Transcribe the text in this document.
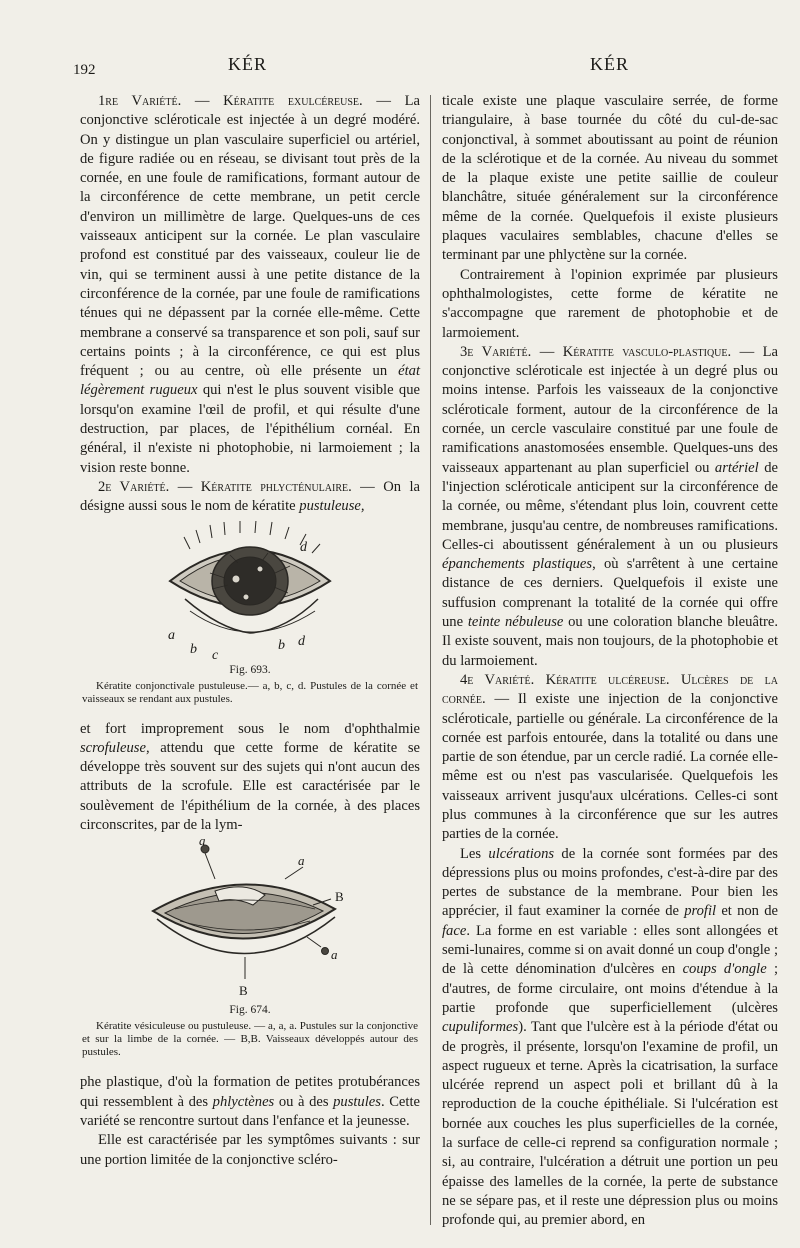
192	KÉR	KÉR

1re Variété. — Kératite exulcéreuse. — La conjonctive scléroticale est injectée à un degré modéré. On y distingue un plan vasculaire superficiel ou artériel, de figure radiée ou en réseau, se divisant tout près de la cornée, en une foule de ramifications, formant autour de la circonférence de cette membrane, un petit cercle d'environ un millimètre de large. Quelques-uns de ces vaisseaux anticipent sur la cornée. Le plan vasculaire profond est constitué par des vaisseaux, couleur lie de vin, qui se terminent aussi à une petite distance de la circonférence de la cornée, par une foule de ramifications ténues qui ne dépassent par la cornée elle-même. Cette membrane a conservé sa transparence et son poli, sauf sur certains points ; à la circonférence, ce qui est plus fréquent ; ou au centre, où elle présente un état légèrement rugueux qui n'est le plus souvent visible que lorsqu'on examine l'œil de profil, et qui résulte d'une destruction, par places, de l'épithélium cornéal. En général, il n'existe ni photophobie, ni larmoiement ; la vision reste bonne.

2e Variété. — Kératite phlycténulaire. — On la désigne aussi sous le nom de kératite pustuleuse,

d
a
b c
b d
Fig. 693.
Kératite conjonctivale pustuleuse.— a, b, c, d. Pustules de la cornée et vaisseaux se rendant aux pustules.

et fort improprement sous le nom d'ophthalmie scrofuleuse, attendu que cette forme de kératite se développe très souvent sur des sujets qui n'ont aucun des attributs de la scrofule. Elle est caractérisée par le soulèvement de l'épithélium de la cornée, à des places circonscrites, par de la lym-

a
a
B
a
B
Fig. 674.
Kératite vésiculeuse ou pustuleuse. — a, a, a. Pustules sur la conjonctive et sur la limbe de la cornée. — B,B. Vaisseaux développés autour des pustules.

phe plastique, d'où la formation de petites protubérances qui ressemblent à des phlyctènes ou à des pustules. Cette variété se rencontre surtout dans l'enfance et la jeunesse.

Elle est caractérisée par les symptômes suivants : sur une portion limitée de la conjonctive scléro-

ticale existe une plaque vasculaire serrée, de forme triangulaire, à base tournée du côté du cul-de-sac conjonctival, à sommet aboutissant au point de réunion de la sclérotique et de la cornée. Au niveau du sommet de la plaque existe une petite saillie de couleur blanchâtre, située généralement sur la circonférence même de la cornée. Quelquefois il existe plusieurs plaques vaculaires semblables, chacune d'elles se terminant par une phlyctène sur la cornée.

Contrairement à l'opinion exprimée par plusieurs ophthalmologistes, cette forme de kératite ne s'accompagne que rarement de photophobie et de larmoiement.

3e Variété. — Kératite vasculo-plastique. — La conjonctive scléroticale est injectée à un degré plus ou moins intense. Parfois les vaisseaux de la conjonctive scléroticale forment, autour de la circonférence de la cornée, un cercle vasculaire constitué par une foule de ramifications anastomosées ensemble. Quelques-uns des vaisseaux appartenant au plan superficiel ou artériel de l'injection scléroticale anticipent sur la circonférence de la cornée, ou même, s'étendant plus loin, couvrent cette membrane, jusqu'au centre, de nombreuses ramifications. Celles-ci aboutissent généralement à un ou plusieurs épanchements plastiques, où s'arrêtent à une certaine distance de ces derniers. Quelquefois il existe une suffusion comprenant la totalité de la cornée qui offre une teinte nébuleuse ou une coloration blanche bleuâtre. Il existe souvent, mais non toujours, de la photophobie et du larmoiement.

4e Variété. Kératite ulcéreuse. Ulcères de la cornée. — Il existe une injection de la conjonctive scléroticale, partielle ou générale. La circonférence de la cornée est parfois entourée, dans la totalité ou dans une partie de son étendue, par un cercle radié. La cornée elle-même est ou n'est pas vascularisée. Quelquefois les vaisseaux arrivent jusqu'aux ulcérations. Celles-ci sont plus communes à la circonférence que sur les autres parties de la cornée.

Les ulcérations de la cornée sont formées par des dépressions plus ou moins profondes, c'est-à-dire par des pertes de substance de la membrane. Pour bien les apprécier, il faut examiner la cornée de profil et non de face. La forme en est variable : elles sont allongées et semi-lunaires, comme si on avait donné un coup d'ongle ; de là cette dénomination d'ulcères en coups d'ongle ; d'autres, de forme circulaire, ont moins d'étendue à la partie profonde que superficiellement (ulcères cupuliformes). Tant que l'ulcère est à la période d'état ou de progrès, il présente, lorsqu'on l'examine de profil, un aspect rugueux et terne. Après la cicatrisation, la surface ulcérée reprend un aspect poli et brillant dû à la reproduction de la couche épithéliale. Si l'ulcération est bornée aux couches les plus superficielles de la cornée, la surface de celle-ci reprend sa configuration normale ; si, au contraire, l'ulcération a détruit une portion un peu épaisse des lamelles de la cornée, la perte de substance ne se sépare pas, et il reste une dépression plus ou moins profonde qui, au premier abord, en
